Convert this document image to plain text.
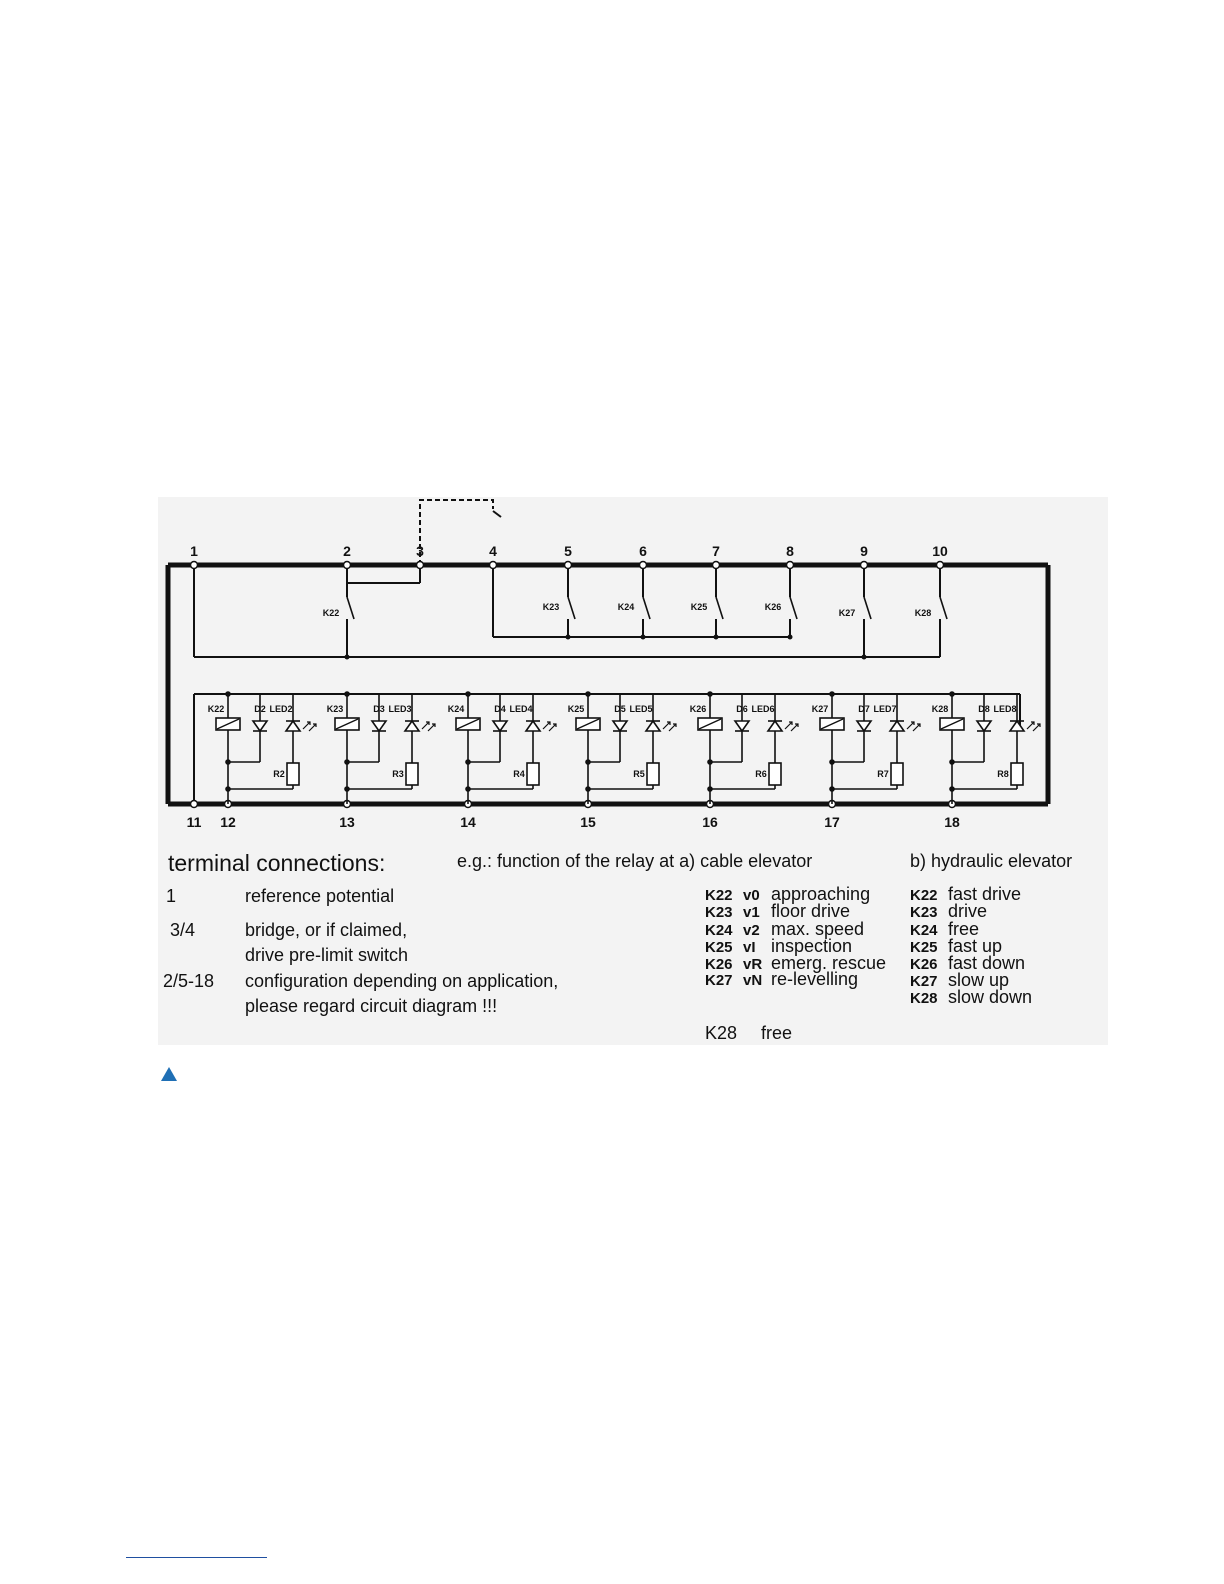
1	2	3	4	5	6	7	8	9	10
11 12	13	14	15	16	17	18
K22
K23	K24	K25	K26
K27	K28
K22	D2 LED2
R2
K23	D3 LED3
R3
K24	D4 LED4
R4
K25	D5 LED5
R5
K26	D6 LED6
R6
K27	D7 LED7
R7
K28	D8 LED8
R8
terminal connections:	e.g.: function of the relay at a) cable elevator	b) hydraulic elevator
1	reference potential
3/4	bridge, or if claimed,
drive pre-limit switch
2/5-18 configuration depending on application,
please regard circuit diagram !!!
K22 v0 approaching
K23 v1 floor drive
K24 v2 max. speed
K25 vI inspection
K26 vR emerg. rescue
K27 vN re-levelling
K28 free
K22 fast drive
K23 drive
K24 free
K25 fast up
K26 fast down
K27 slow up
K28 slow down
